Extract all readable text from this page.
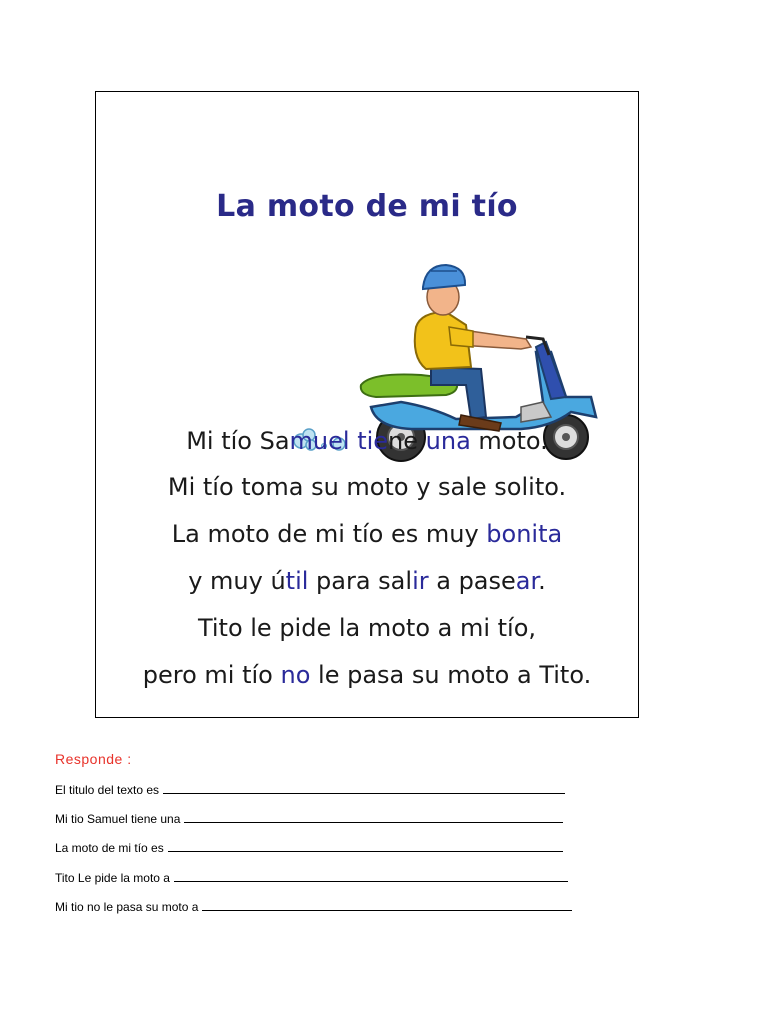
La moto de mi tío
Mi tío Samuel tiene una moto.
Mi tío toma su moto y sale solito.
La moto de mi tío es muy bonita
y muy útil para salir a pasear.
Tito le pide la moto a mi tío,
pero mi tío no le pasa su moto a Tito.
Responde :
El titulo del texto es
Mi tio Samuel tiene una
La moto de mi tío es
Tito Le pide la moto a
Mi tio no le pasa su moto a
